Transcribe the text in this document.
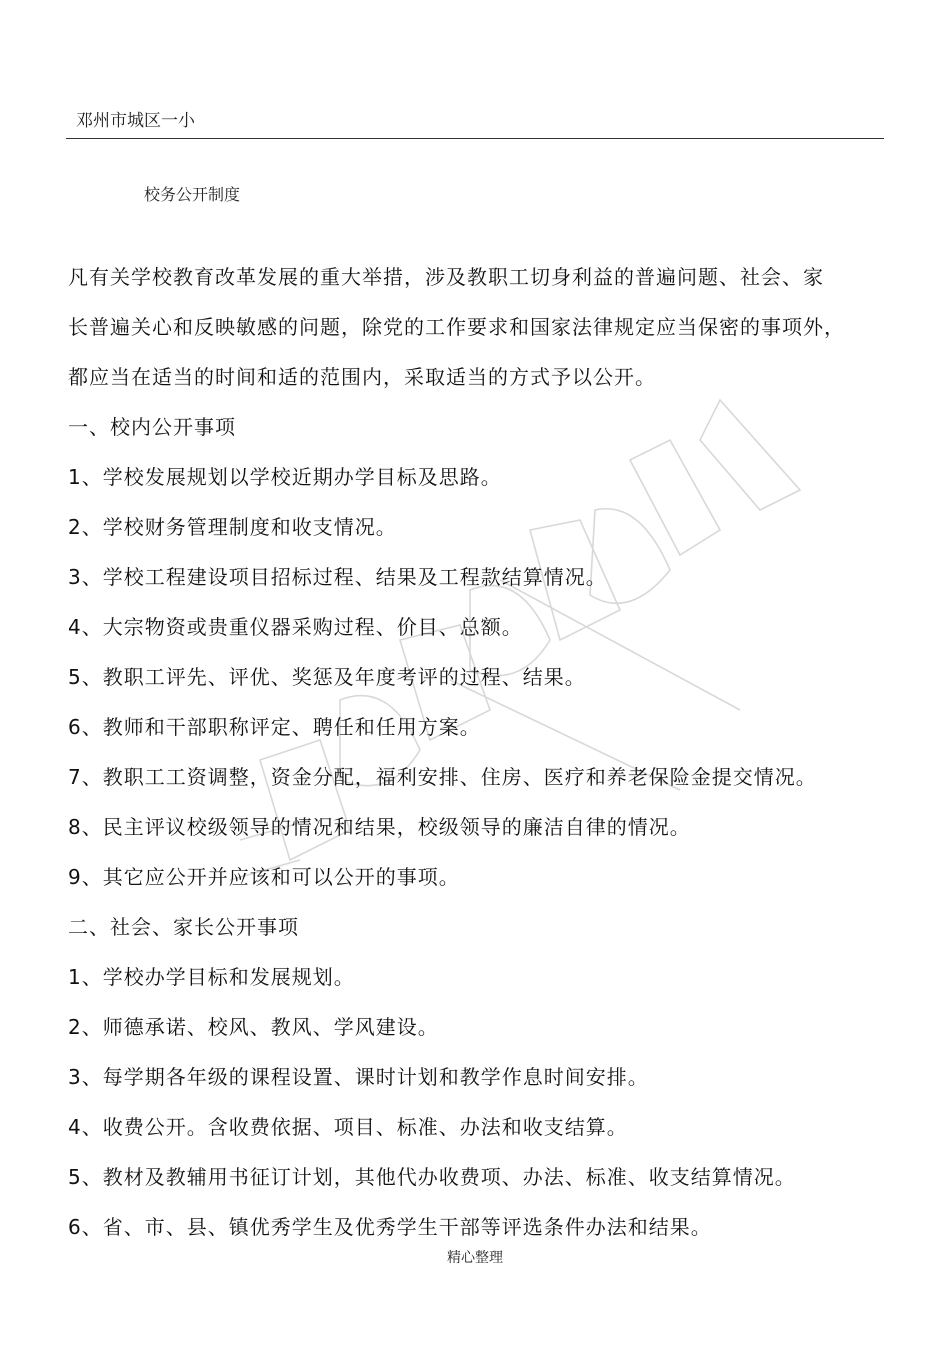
邓州市城区一小
校务公开制度
凡有关学校教育改革发展的重大举措，涉及教职工切身利益的普遍问题、社会、家
长普遍关心和反映敏感的问题，除党的工作要求和国家法律规定应当保密的事项外，
都应当在适当的时间和适的范围内，采取适当的方式予以公开。
一、校内公开事项
1、学校发展规划以学校近期办学目标及思路。
2、学校财务管理制度和收支情况。
3、学校工程建设项目招标过程、结果及工程款结算情况。
4、大宗物资或贵重仪器采购过程、价目、总额。
5、教职工评先、评优、奖惩及年度考评的过程、结果。
6、教师和干部职称评定、聘任和任用方案。
7、教职工工资调整，资金分配，福利安排、住房、医疗和养老保险金提交情况。
8、民主评议校级领导的情况和结果，校级领导的廉洁自律的情况。
9、其它应公开并应该和可以公开的事项。
二、社会、家长公开事项
1、学校办学目标和发展规划。
2、师德承诺、校风、教风、学风建设。
3、每学期各年级的课程设置、课时计划和教学作息时间安排。
4、收费公开。含收费依据、项目、标准、办法和收支结算。
5、教材及教辅用书征订计划，其他代办收费项、办法、标准、收支结算情况。
6、省、市、县、镇优秀学生及优秀学生干部等评选条件办法和结果。
精心整理
